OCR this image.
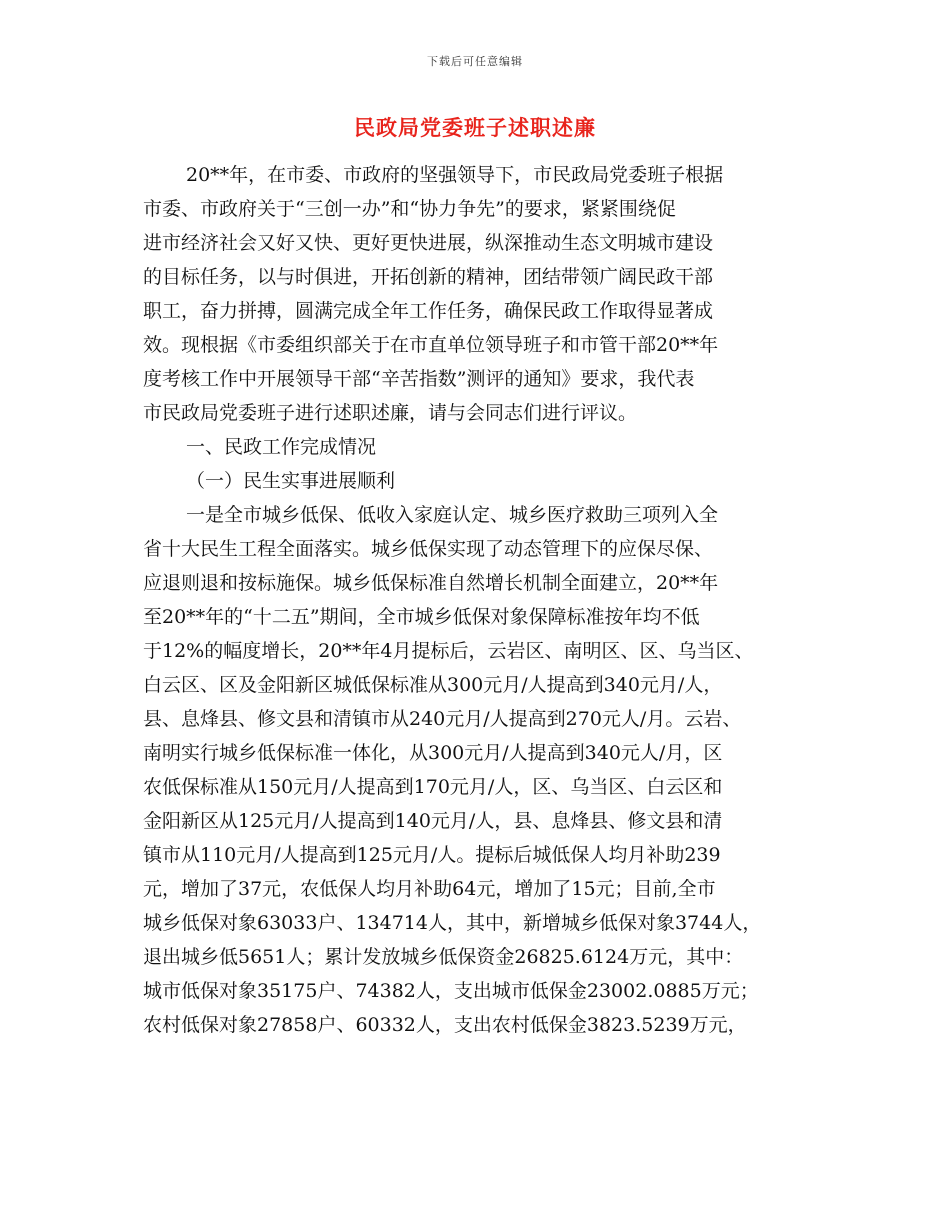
下载后可任意编辑
民政局党委班子述职述廉
20**年，在市委、市政府的坚强领导下，市民政局党委班子根据
市委、市政府关于“三创一办”和“协力争先”的要求，紧紧围绕促
进市经济社会又好又快、更好更快进展，纵深推动生态文明城市建设
的目标任务，以与时俱进，开拓创新的精神，团结带领广阔民政干部
职工，奋力拼搏，圆满完成全年工作任务，确保民政工作取得显著成
效。现根据《市委组织部关于在市直单位领导班子和市管干部20**年
度考核工作中开展领导干部“辛苦指数”测评的通知》要求，我代表
市民政局党委班子进行述职述廉，请与会同志们进行评议。
一、民政工作完成情况
（一）民生实事进展顺利
一是全市城乡低保、低收入家庭认定、城乡医疗救助三项列入全
省十大民生工程全面落实。城乡低保实现了动态管理下的应保尽保、
应退则退和按标施保。城乡低保标准自然增长机制全面建立，20**年
至20**年的“十二五”期间，全市城乡低保对象保障标准按年均不低
于12%的幅度增长，20**年4月提标后，云岩区、南明区、区、乌当区、
白云区、区及金阳新区城低保标准从300元月/人提高到340元月/人，
县、息烽县、修文县和清镇市从240元月/人提高到270元人/月。云岩、
南明实行城乡低保标准一体化，从300元月/人提高到340元人/月，区
农低保标准从150元月/人提高到170元月/人，区、乌当区、白云区和
金阳新区从125元月/人提高到140元月/人，县、息烽县、修文县和清
镇市从110元月/人提高到125元月/人。提标后城低保人均月补助239
元，增加了37元，农低保人均月补助64元，增加了15元；目前,全市
城乡低保对象63033户、134714人，其中，新增城乡低保对象3744人，
退出城乡低5651人；累计发放城乡低保资金26825.6124万元，其中：
城市低保对象35175户、74382人，支出城市低保金23002.0885万元；
农村低保对象27858户、60332人，支出农村低保金3823.5239万元，
